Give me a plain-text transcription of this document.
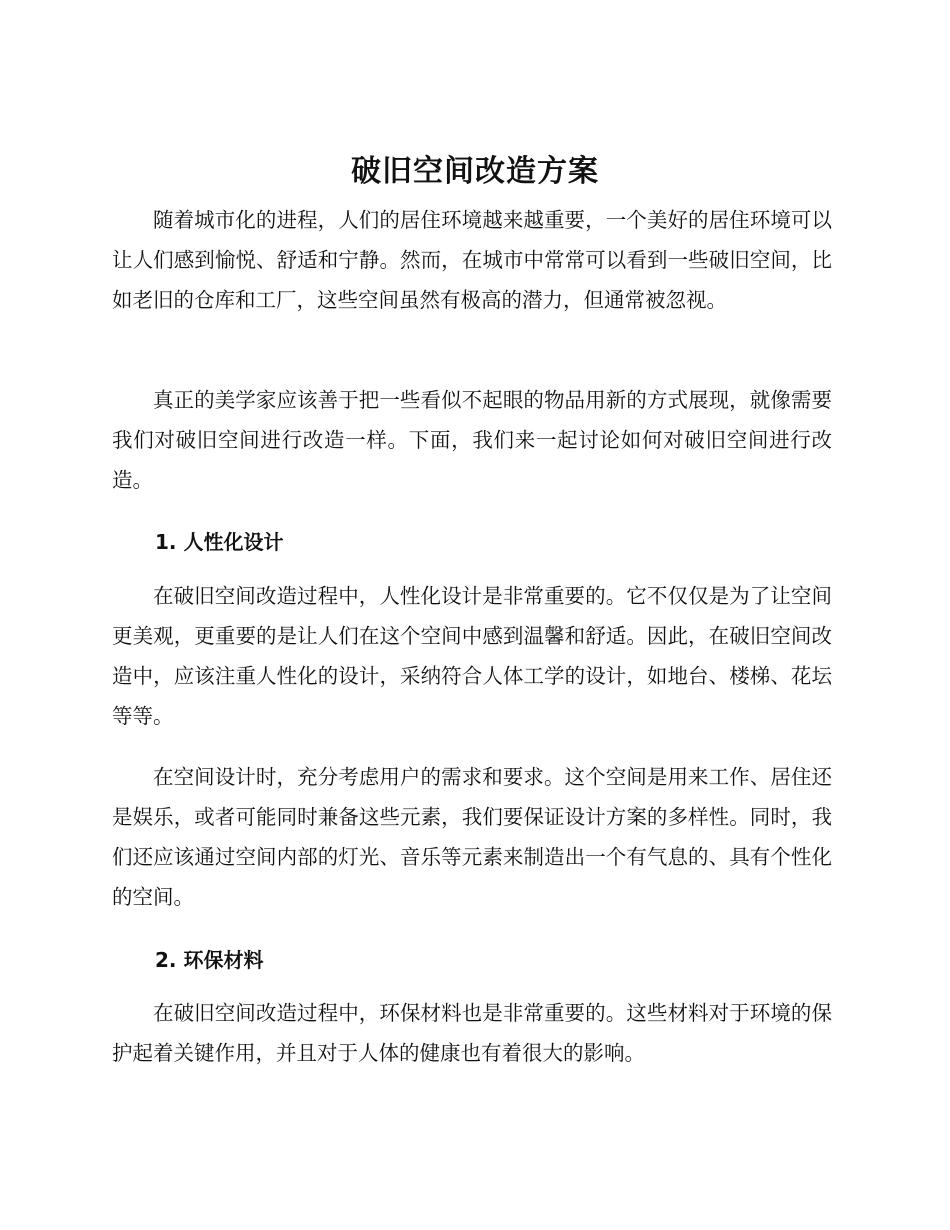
破旧空间改造方案

随着城市化的进程，人们的居住环境越来越重要，一个美好的居住环境可以让人们感到愉悦、舒适和宁静。然而，在城市中常常可以看到一些破旧空间，比如老旧的仓库和工厂，这些空间虽然有极高的潜力，但通常被忽视。

真正的美学家应该善于把一些看似不起眼的物品用新的方式展现，就像需要我们对破旧空间进行改造一样。下面，我们来一起讨论如何对破旧空间进行改造。

1. 人性化设计

在破旧空间改造过程中，人性化设计是非常重要的。它不仅仅是为了让空间更美观，更重要的是让人们在这个空间中感到温馨和舒适。因此，在破旧空间改造中，应该注重人性化的设计，采纳符合人体工学的设计，如地台、楼梯、花坛等等。

在空间设计时，充分考虑用户的需求和要求。这个空间是用来工作、居住还是娱乐，或者可能同时兼备这些元素，我们要保证设计方案的多样性。同时，我们还应该通过空间内部的灯光、音乐等元素来制造出一个有气息的、具有个性化的空间。

2. 环保材料

在破旧空间改造过程中，环保材料也是非常重要的。这些材料对于环境的保护起着关键作用，并且对于人体的健康也有着很大的影响。
